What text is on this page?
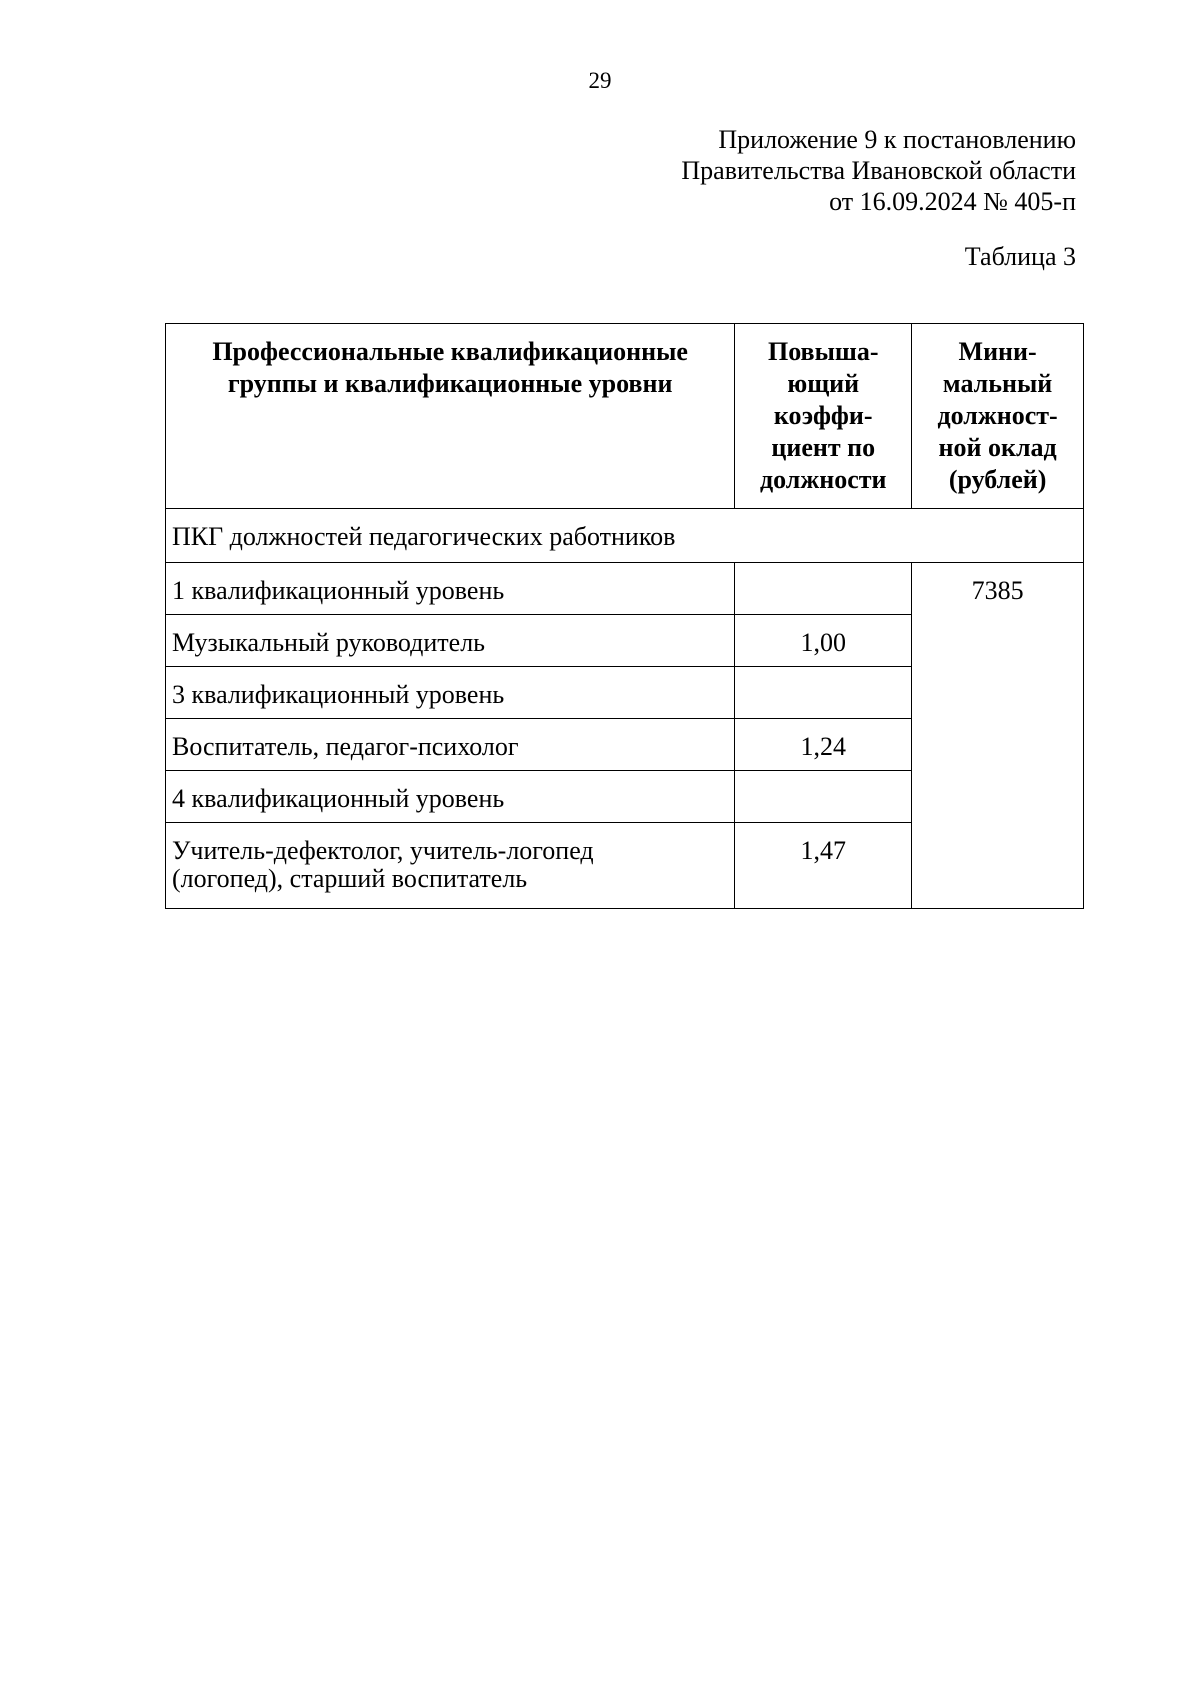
29
Приложение 9 к постановлению
Правительства Ивановской области
от 16.09.2024 № 405-п
Таблица 3
Профессиональные квалификационные группы и квалификационные уровни	Повыша-ющий коэффи-циент по должности	Мини-мальный должност-ной оклад (рублей)
ПКГ должностей педагогических работников		
1 квалификационный уровень		7385
Музыкальный руководитель	1,00	
3 квалификационный уровень		
Воспитатель, педагог-психолог	1,24	
4 квалификационный уровень		
Учитель-дефектолог, учитель-логопед (логопед), старший воспитатель	1,47	
